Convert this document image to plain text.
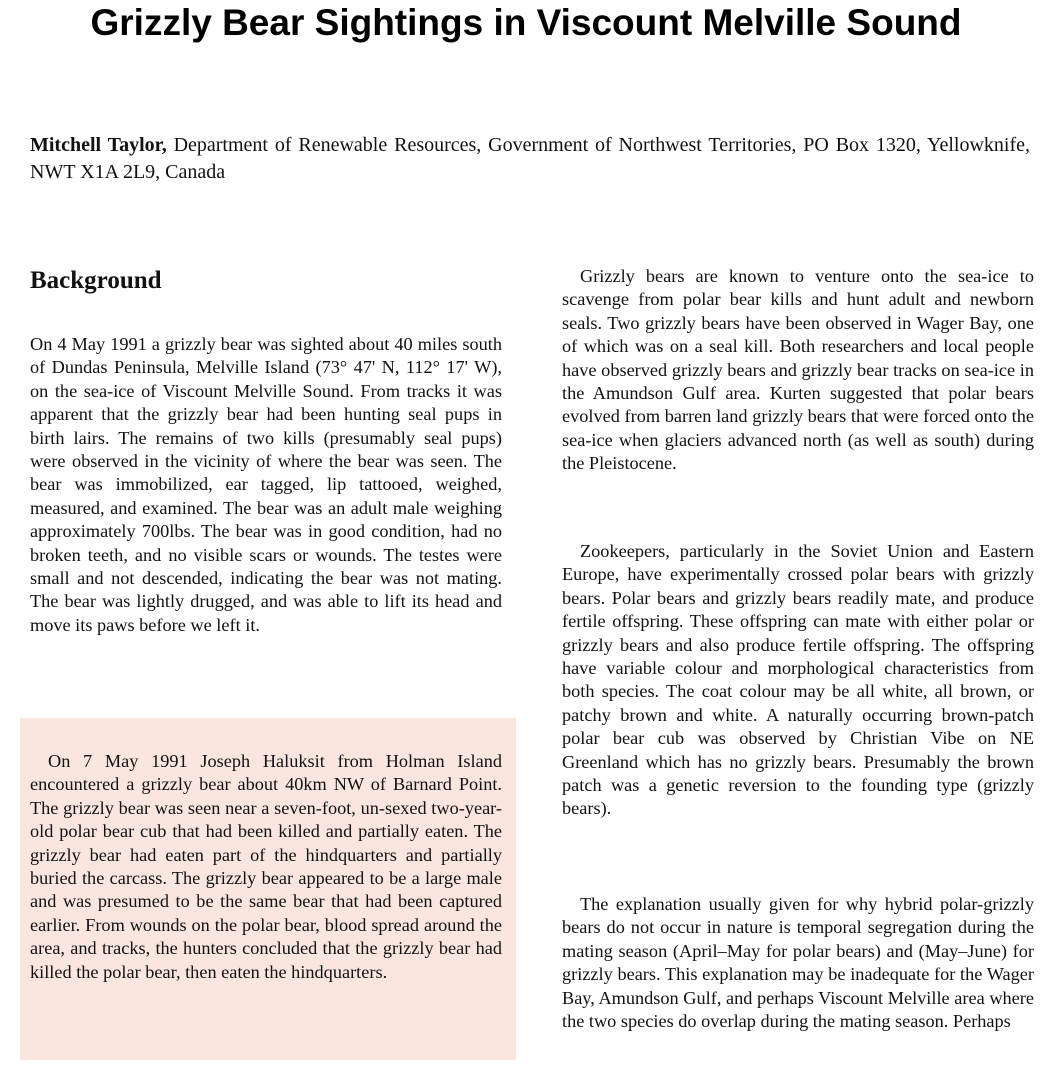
Grizzly Bear Sightings in Viscount Melville Sound

Mitchell Taylor, Department of Renewable Resources, Government of Northwest Territories, PO Box 1320, Yellowknife, NWT X1A 2L9, Canada

Background

On 4 May 1991 a grizzly bear was sighted about 40 miles south of Dundas Peninsula, Melville Island (73° 47' N, 112° 17' W), on the sea-ice of Viscount Melville Sound. From tracks it was apparent that the grizzly bear had been hunting seal pups in birth lairs. The remains of two kills (presumably seal pups) were observed in the vicinity of where the bear was seen. The bear was immobilized, ear tagged, lip tattooed, weighed, measured, and examined. The bear was an adult male weighing approximately 700lbs. The bear was in good condition, had no broken teeth, and no visible scars or wounds. The testes were small and not descended, indicating the bear was not mating. The bear was lightly drugged, and was able to lift its head and move its paws before we left it.

On 7 May 1991 Joseph Haluksit from Holman Island encountered a grizzly bear about 40km NW of Barnard Point. The grizzly bear was seen near a seven-foot, un-sexed two-year-old polar bear cub that had been killed and partially eaten. The grizzly bear had eaten part of the hindquarters and partially buried the carcass. The grizzly bear appeared to be a large male and was presumed to be the same bear that had been captured earlier. From wounds on the polar bear, blood spread around the area, and tracks, the hunters concluded that the grizzly bear had killed the polar bear, then eaten the hindquarters.

Grizzly bears are known to venture onto the sea-ice to scavenge from polar bear kills and hunt adult and newborn seals. Two grizzly bears have been observed in Wager Bay, one of which was on a seal kill. Both researchers and local people have observed grizzly bears and grizzly bear tracks on sea-ice in the Amundson Gulf area. Kurten suggested that polar bears evolved from barren land grizzly bears that were forced onto the sea-ice when glaciers advanced north (as well as south) during the Pleistocene.

Zookeepers, particularly in the Soviet Union and Eastern Europe, have experimentally crossed polar bears with grizzly bears. Polar bears and grizzly bears readily mate, and produce fertile offspring. These offspring can mate with either polar or grizzly bears and also produce fertile offspring. The offspring have variable colour and morphological characteristics from both species. The coat colour may be all white, all brown, or patchy brown and white. A naturally occurring brown-patch polar bear cub was observed by Christian Vibe on NE Greenland which has no grizzly bears. Presumably the brown patch was a genetic reversion to the founding type (grizzly bears).

The explanation usually given for why hybrid polar-grizzly bears do not occur in nature is temporal segregation during the mating season (April–May for polar bears) and (May–June) for grizzly bears. This explanation may be inadequate for the Wager Bay, Amundson Gulf, and perhaps Viscount Melville area where the two species do overlap during the mating season. Perhaps
